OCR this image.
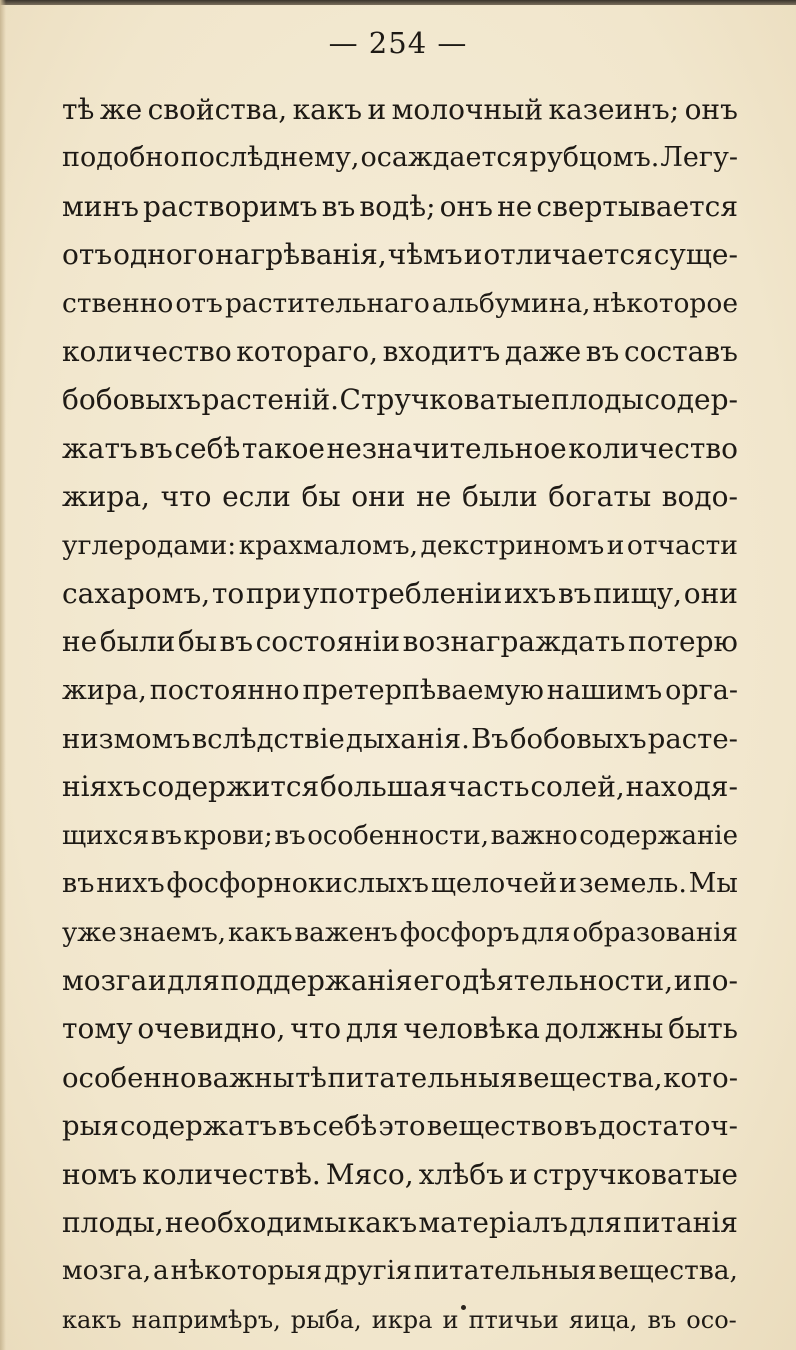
— 254 —
тѣ же свойства, какъ и молочный казеинъ; онъ
подобно послѣднему, осаждается рубцомъ. Легу-
минъ растворимъ въ водѣ; онъ не свертывается
отъ одного нагрѣванія, чѣмъ и отличается суще-
ственно отъ растительнаго альбумина, нѣкоторое
количество котораго, входитъ даже въ составъ
бобовыхъ растеній. Стручковатые плоды содер-
жатъ въ себѣ такое незначительное количество
жира, что если бы они не были богаты водо-
углеродами: крахмаломъ, декстриномъ и отчасти
сахаромъ, то при употребленіи ихъ въ пищу, они
не были бы въ состояніи вознаграждать потерю
жира, постоянно претерпѣваемую нашимъ орга-
низмомъ вслѣдствіе дыханія. Въ бобовыхъ расте-
ніяхъ содержится большая часть солей, находя-
щихся въ крови; въ особенности, важно содержаніе
въ нихъ фосфорнокислыхъ щелочей и земель. Мы
уже знаемъ, какъ важенъ фосфоръ для образованія
мозга и для поддержанія его дѣятельности, и по-
тому очевидно, что для человѣка должны быть
особенно важны тѣ питательныя вещества, кото-
рыя содержатъ въ себѣ это вещество въ достаточ-
номъ количествѣ. Мясо, хлѣбъ и стручковатые
плоды, необходимы какъ матеріалъ для питанія
мозга, а нѣкоторыя другія питательныя вещества,
какъ напримѣръ, рыба, икра и птичьи яица, въ осо-
